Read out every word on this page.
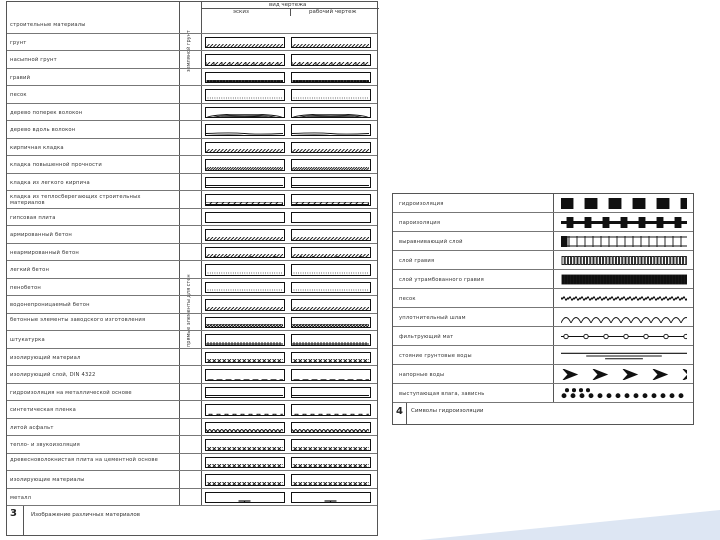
вид чертежа
эскиз	рабочий чертеж
земляной грунт
прямые элементы для стен
строительные материалы
грунт
насыпной грунт
гравий
песок
дерево поперек волокон
дерево вдоль волокон
кирпичная кладка
кладка повышенной прочности
кладка из легкого кирпича
кладка из теплосберегающих строительных материалов
гипсовая плита
армированный бетон
неармированный бетон
легкий бетон
пенобетон
водонепроницаемый бетон
бетонные элементы заводского изготовления
штукатурка
изолирующий материал
изолирующий слой, DIN 4322
гидроизоляция на металлической основе
синтетическая пленка
литой асфальт
тепло- и звукоизоляция
древесноволокнистая плита на цементной основе
изолирующие материалы
металл
3	Изображение различных материалов
гидроизоляция
пароизоляция
выравнивающий слой
слой гравия
слой утрамбованного гравия
песок
уплотнительный шлам
фильтрующий мат
стояние грунтовые воды
напорные воды
выступающая влага, зависнь
4 Символы гидроизоляции
